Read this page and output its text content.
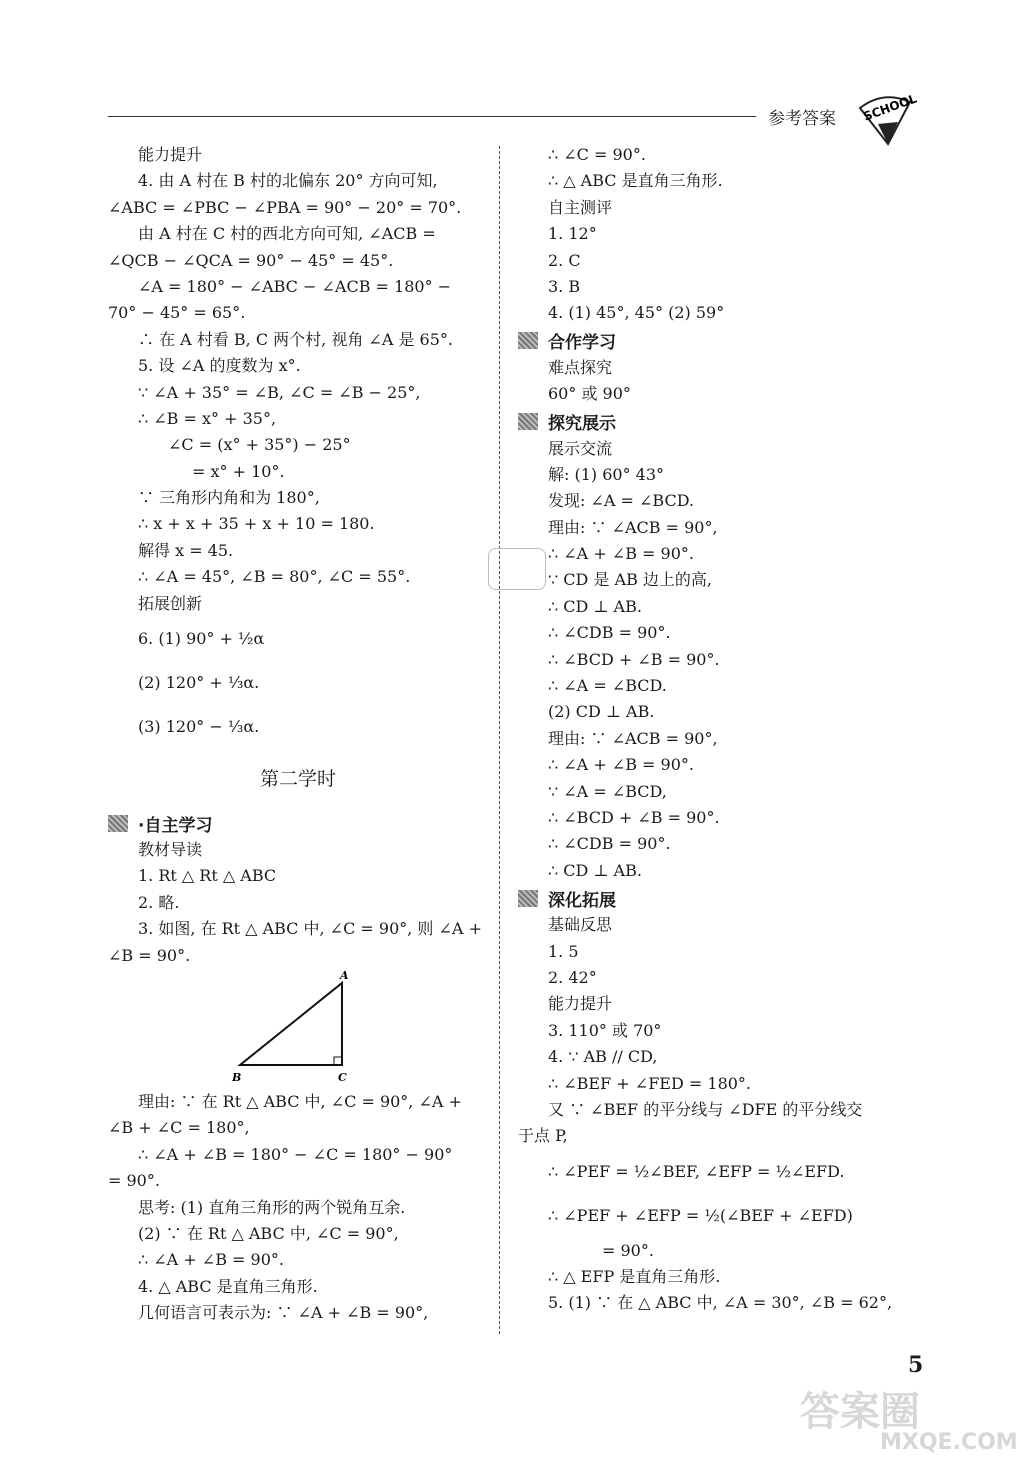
参考答案 SCHOOL
能力提升
4. 由 A 村在 B 村的北偏东 20° 方向可知,
∠ABC = ∠PBC − ∠PBA = 90° − 20° = 70°.
由 A 村在 C 村的西北方向可知, ∠ACB =
∠QCB − ∠QCA = 90° − 45° = 45°.
∠A = 180° − ∠ABC − ∠ACB = 180° −
70° − 45° = 65°.
∴ 在 A 村看 B, C 两个村, 视角 ∠A 是 65°.
5. 设 ∠A 的度数为 x°.
∵ ∠A + 35° = ∠B, ∠C = ∠B − 25°,
∴ ∠B = x° + 35°,
∠C = (x° + 35°) − 25°
= x° + 10°.
∵ 三角形内角和为 180°,
∴ x + x + 35 + x + 10 = 180.
解得 x = 45.
∴ ∠A = 45°, ∠B = 80°, ∠C = 55°.
拓展创新
6. (1) 90° + ½α
(2) 120° + ⅓α.
(3) 120° − ⅓α.
第二学时
·自主学习
教材导读
1. Rt △ Rt △ ABC
2. 略.
3. 如图, 在 Rt △ ABC 中, ∠C = 90°, 则 ∠A +
∠B = 90°.
A
B	C
理由: ∵ 在 Rt △ ABC 中, ∠C = 90°, ∠A +
∠B + ∠C = 180°,
∴ ∠A + ∠B = 180° − ∠C = 180° − 90°
= 90°.
思考: (1) 直角三角形的两个锐角互余.
(2) ∵ 在 Rt △ ABC 中, ∠C = 90°,
∴ ∠A + ∠B = 90°.
4. △ ABC 是直角三角形.
几何语言可表示为: ∵ ∠A + ∠B = 90°,
∴ ∠C = 90°.
∴ △ ABC 是直角三角形.
自主测评
1. 12°
2. C
3. B
4. (1) 45°, 45° (2) 59°
合作学习
难点探究
60° 或 90°
探究展示
展示交流
解: (1) 60° 43°
发现: ∠A = ∠BCD.
理由: ∵ ∠ACB = 90°,
∴ ∠A + ∠B = 90°.
∵ CD 是 AB 边上的高,
∴ CD ⊥ AB.
∴ ∠CDB = 90°.
∴ ∠BCD + ∠B = 90°.
∴ ∠A = ∠BCD.
(2) CD ⊥ AB.
理由: ∵ ∠ACB = 90°,
∴ ∠A + ∠B = 90°.
∵ ∠A = ∠BCD,
∴ ∠BCD + ∠B = 90°.
∴ ∠CDB = 90°.
∴ CD ⊥ AB.
深化拓展
基础反思
1. 5
2. 42°
能力提升
3. 110° 或 70°
4. ∵ AB // CD,
∴ ∠BEF + ∠FED = 180°.
又 ∵ ∠BEF 的平分线与 ∠DFE 的平分线交
于点 P,
∴ ∠PEF = ½∠BEF, ∠EFP = ½∠EFD.
∴ ∠PEF + ∠EFP = ½(∠BEF + ∠EFD)
= 90°.
∴ △ EFP 是直角三角形.
5. (1) ∵ 在 △ ABC 中, ∠A = 30°, ∠B = 62°,
5
答案圈
MXQE.COM
